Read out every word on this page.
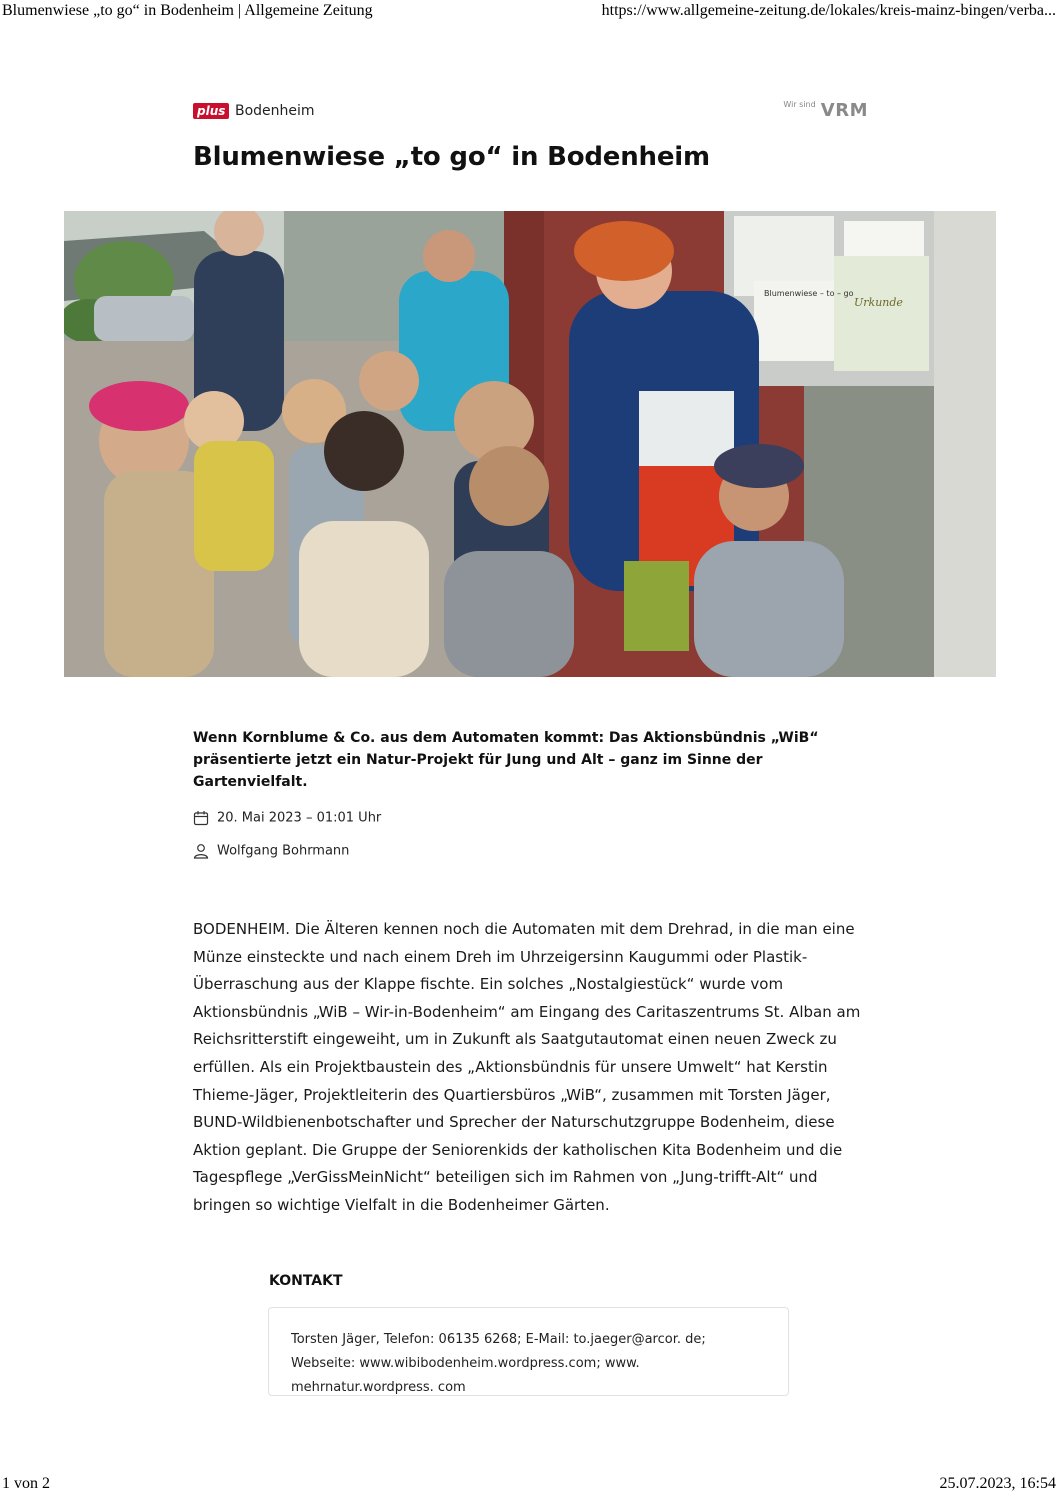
Blumenwiese „to go“ in Bodenheim | Allgemeine Zeitung	https://www.allgemeine-zeitung.de/lokales/kreis-mainz-bingen/verba...
plus Bodenheim	$^{Wir sind}$ VRM
Blumenwiese „to go“ in Bodenheim
Blumenwiese – to – go
Urkunde

Wenn Kornblume & Co. aus dem Automaten kommt: Das Aktionsbündnis „WiB“ präsentierte jetzt ein Natur-Projekt für Jung und Alt – ganz im Sinne der Gartenvielfalt.

20. Mai 2023 – 01:01 Uhr
Wolfgang Bohrmann

BODENHEIM. Die Älteren kennen noch die Automaten mit dem Drehrad, in die man eine Münze einsteckte und nach einem Dreh im Uhrzeigersinn Kaugummi oder Plastik-Überraschung aus der Klappe fischte. Ein solches „Nostalgiestück“ wurde vom Aktionsbündnis „WiB – Wir-in-Bodenheim“ am Eingang des Caritaszentrums St. Alban am Reichsritterstift eingeweiht, um in Zukunft als Saatgutautomat einen neuen Zweck zu erfüllen. Als ein Projektbaustein des „Aktionsbündnis für unsere Umwelt“ hat Kerstin Thieme-Jäger, Projektleiterin des Quartiersbüros „WiB“, zusammen mit Torsten Jäger, BUND-Wildbienenbotschafter und Sprecher der Naturschutzgruppe Bodenheim, diese Aktion geplant. Die Gruppe der Seniorenkids der katholischen Kita Bodenheim und die Tagespflege „VerGissMeinNicht“ beteiligen sich im Rahmen von „Jung-trifft-Alt“ und bringen so wichtige Vielfalt in die Bodenheimer Gärten.

KONTAKT
Torsten Jäger, Telefon: 06135 6268; E-Mail: to.jaeger@arcor. de; Webseite: www.wibibodenheim.wordpress.com; www. mehrnatur.wordpress. com
1 von 2	25.07.2023, 16:54
